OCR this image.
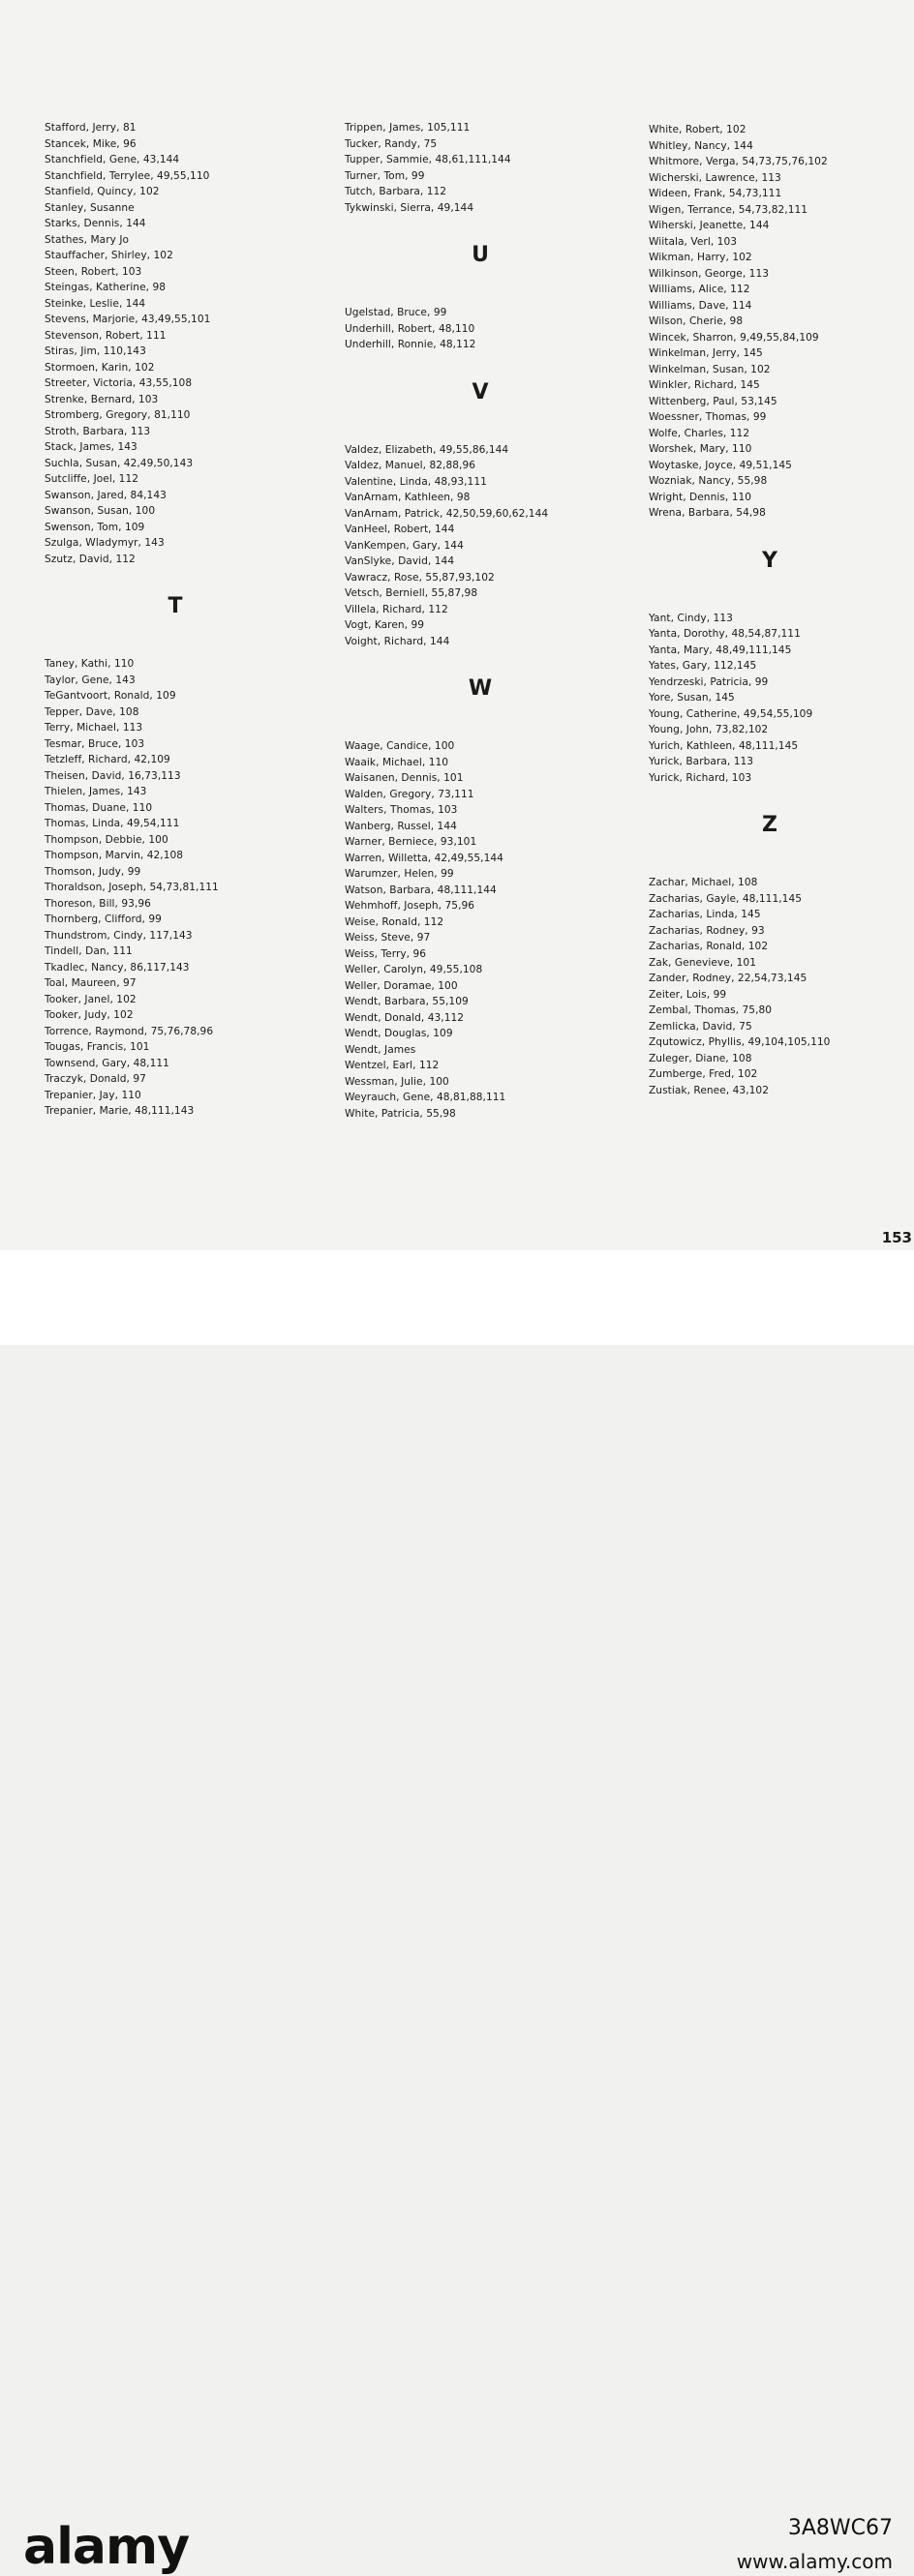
Stafford, Jerry, 81
Stancek, Mike, 96
Stanchfield, Gene, 43,144
Stanchfield, Terrylee, 49,55,110
Stanfield, Quincy, 102
Stanley, Susanne
Starks, Dennis, 144
Stathes, Mary Jo
Stauffacher, Shirley, 102
Steen, Robert, 103
Steingas, Katherine, 98
Steinke, Leslie, 144
Stevens, Marjorie, 43,49,55,101
Stevenson, Robert, 111
Stiras, Jim, 110,143
Stormoen, Karin, 102
Streeter, Victoria, 43,55,108
Strenke, Bernard, 103
Stromberg, Gregory, 81,110
Stroth, Barbara, 113
Stack, James, 143
Suchla, Susan, 42,49,50,143
Sutcliffe, Joel, 112
Swanson, Jared, 84,143
Swanson, Susan, 100
Swenson, Tom, 109
Szulga, Wladymyr, 143
Szutz, David, 112
T
Taney, Kathi, 110
Taylor, Gene, 143
TeGantvoort, Ronald, 109
Tepper, Dave, 108
Terry, Michael, 113
Tesmar, Bruce, 103
Tetzleff, Richard, 42,109
Theisen, David, 16,73,113
Thielen, James, 143
Thomas, Duane, 110
Thomas, Linda, 49,54,111
Thompson, Debbie, 100
Thompson, Marvin, 42,108
Thomson, Judy, 99
Thoraldson, Joseph, 54,73,81,111
Thoreson, Bill, 93,96
Thornberg, Clifford, 99
Thundstrom, Cindy, 117,143
Tindell, Dan, 111
Tkadlec, Nancy, 86,117,143
Toal, Maureen, 97
Tooker, Janel, 102
Tooker, Judy, 102
Torrence, Raymond, 75,76,78,96
Tougas, Francis, 101
Townsend, Gary, 48,111
Traczyk, Donald, 97
Trepanier, Jay, 110
Trepanier, Marie, 48,111,143
Trippen, James, 105,111
Tucker, Randy, 75
Tupper, Sammie, 48,61,111,144
Turner, Tom, 99
Tutch, Barbara, 112
Tykwinski, Sierra, 49,144
U
Ugelstad, Bruce, 99
Underhill, Robert, 48,110
Underhill, Ronnie, 48,112
V
Valdez, Elizabeth, 49,55,86,144
Valdez, Manuel, 82,88,96
Valentine, Linda, 48,93,111
VanArnam, Kathleen, 98
VanArnam, Patrick, 42,50,59,60,62,144
VanHeel, Robert, 144
VanKempen, Gary, 144
VanSlyke, David, 144
Vawracz, Rose, 55,87,93,102
Vetsch, Berniell, 55,87,98
Villela, Richard, 112
Vogt, Karen, 99
Voight, Richard, 144
W
Waage, Candice, 100
Waaik, Michael, 110
Waisanen, Dennis, 101
Walden, Gregory, 73,111
Walters, Thomas, 103
Wanberg, Russel, 144
Warner, Berniece, 93,101
Warren, Willetta, 42,49,55,144
Warumzer, Helen, 99
Watson, Barbara, 48,111,144
Wehmhoff, Joseph, 75,96
Weise, Ronald, 112
Weiss, Steve, 97
Weiss, Terry, 96
Weller, Carolyn, 49,55,108
Weller, Doramae, 100
Wendt, Barbara, 55,109
Wendt, Donald, 43,112
Wendt, Douglas, 109
Wendt, James
Wentzel, Earl, 112
Wessman, Julie, 100
Weyrauch, Gene, 48,81,88,111
White, Patricia, 55,98
White, Robert, 102
Whitley, Nancy, 144
Whitmore, Verga, 54,73,75,76,102
Wicherski, Lawrence, 113
Wideen, Frank, 54,73,111
Wigen, Terrance, 54,73,82,111
Wiherski, Jeanette, 144
Wiitala, Verl, 103
Wikman, Harry, 102
Wilkinson, George, 113
Williams, Alice, 112
Williams, Dave, 114
Wilson, Cherie, 98
Wincek, Sharron, 9,49,55,84,109
Winkelman, Jerry, 145
Winkelman, Susan, 102
Winkler, Richard, 145
Wittenberg, Paul, 53,145
Woessner, Thomas, 99
Wolfe, Charles, 112
Worshek, Mary, 110
Woytaske, Joyce, 49,51,145
Wozniak, Nancy, 55,98
Wright, Dennis, 110
Wrena, Barbara, 54,98
Y
Yant, Cindy, 113
Yanta, Dorothy, 48,54,87,111
Yanta, Mary, 48,49,111,145
Yates, Gary, 112,145
Yendrzeski, Patricia, 99
Yore, Susan, 145
Young, Catherine, 49,54,55,109
Young, John, 73,82,102
Yurich, Kathleen, 48,111,145
Yurick, Barbara, 113
Yurick, Richard, 103
Z
Zachar, Michael, 108
Zacharias, Gayle, 48,111,145
Zacharias, Linda, 145
Zacharias, Rodney, 93
Zacharias, Ronald, 102
Zak, Genevieve, 101
Zander, Rodney, 22,54,73,145
Zeiter, Lois, 99
Zembal, Thomas, 75,80
Zemlicka, David, 75
Zqutowicz, Phyllis, 49,104,105,110
Zuleger, Diane, 108
Zumberge, Fred, 102
Zustiak, Renee, 43,102
153
alamy	3A8WC67
www.alamy.com
